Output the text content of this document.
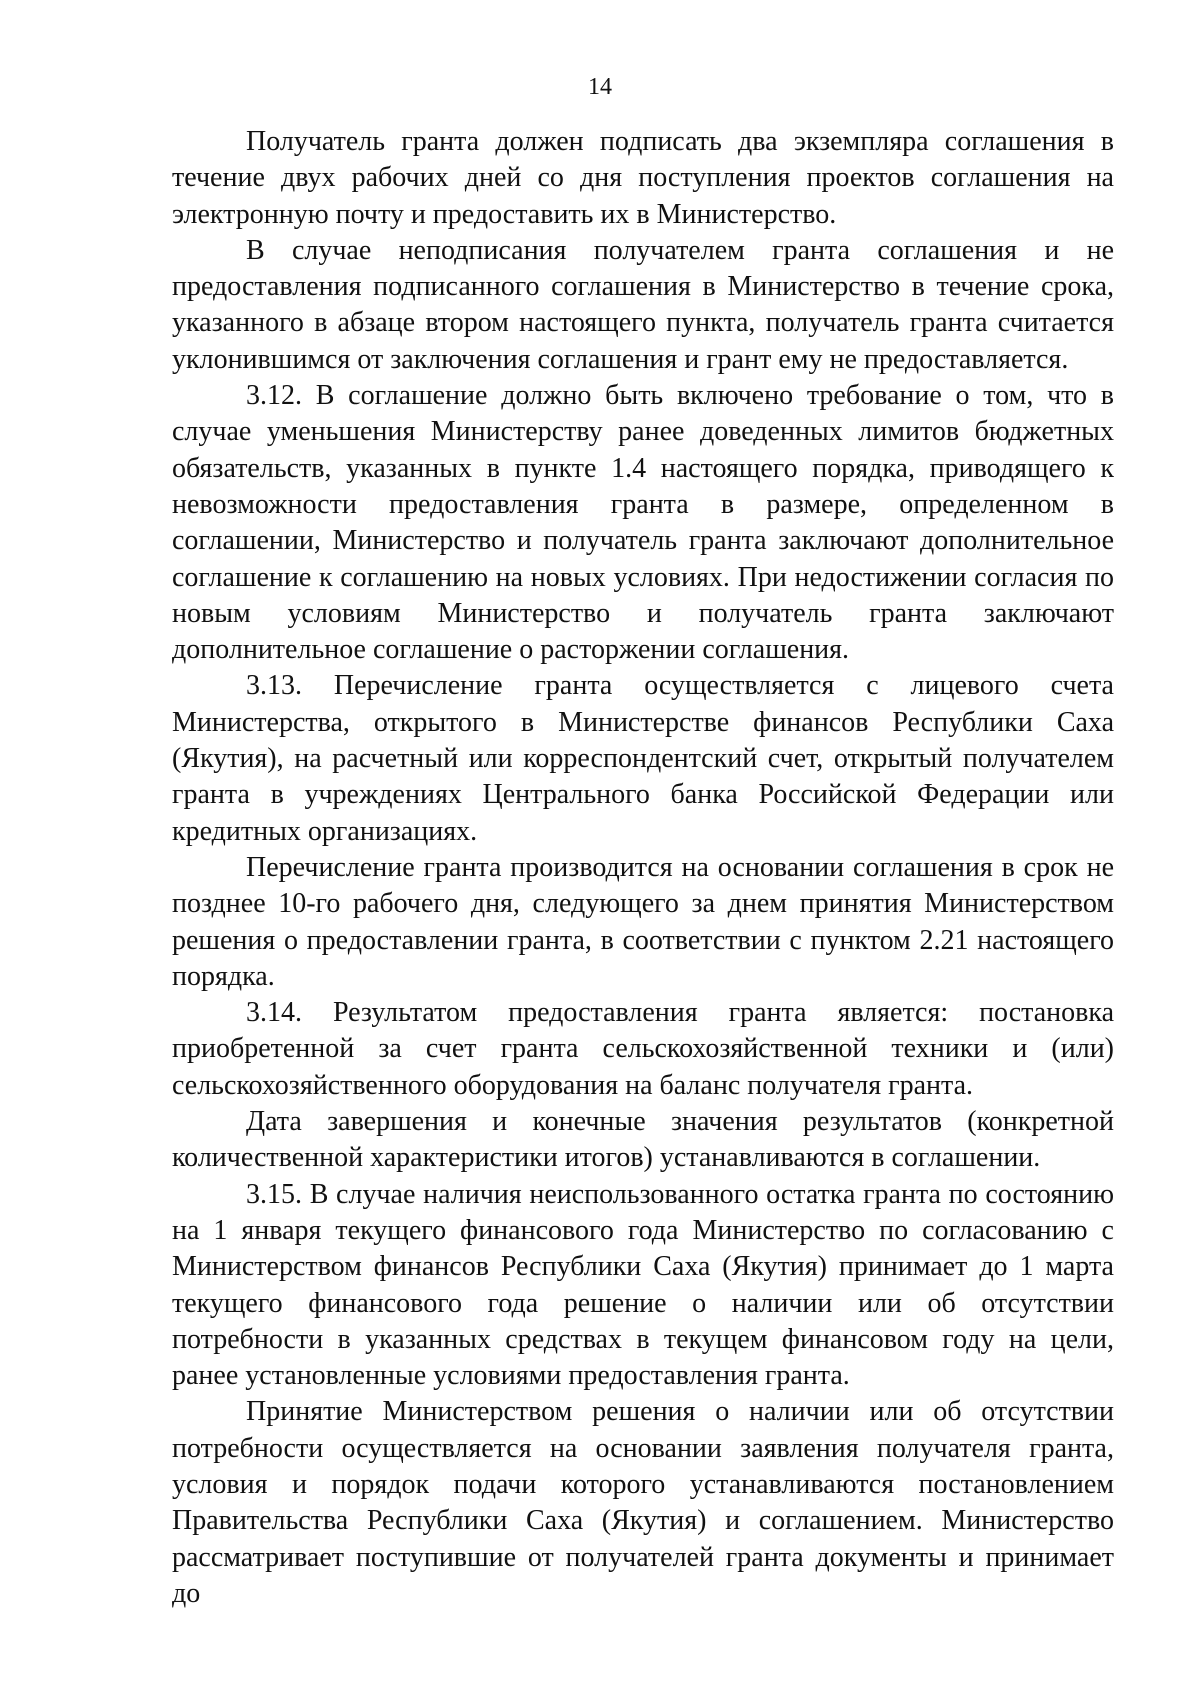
14

Получатель гранта должен подписать два экземпляра соглашения в течение двух рабочих дней со дня поступления проектов соглашения на электронную почту и предоставить их в Министерство.

В случае неподписания получателем гранта соглашения и не предоставления подписанного соглашения в Министерство в течение срока, указанного в абзаце втором настоящего пункта, получатель гранта считается уклонившимся от заключения соглашения и грант ему не предоставляется.

3.12. В соглашение должно быть включено требование о том, что в случае уменьшения Министерству ранее доведенных лимитов бюджетных обязательств, указанных в пункте 1.4 настоящего порядка, приводящего к невозможности предоставления гранта в размере, определенном в соглашении, Министерство и получатель гранта заключают дополнительное соглашение к соглашению на новых условиях. При недостижении согласия по новым условиям Министерство и получатель гранта заключают дополнительное соглашение о расторжении соглашения.

3.13. Перечисление гранта осуществляется с лицевого счета Министерства, открытого в Министерстве финансов Республики Саха (Якутия), на расчетный или корреспондентский счет, открытый получателем гранта в учреждениях Центрального банка Российской Федерации или кредитных организациях.

Перечисление гранта производится на основании соглашения в срок не позднее 10-го рабочего дня, следующего за днем принятия Министерством решения о предоставлении гранта, в соответствии с пунктом 2.21 настоящего порядка.

3.14. Результатом предоставления гранта является: постановка приобретенной за счет гранта сельскохозяйственной техники и (или) сельскохозяйственного оборудования на баланс получателя гранта.

Дата завершения и конечные значения результатов (конкретной количественной характеристики итогов) устанавливаются в соглашении.

3.15. В случае наличия неиспользованного остатка гранта по состоянию на 1 января текущего финансового года Министерство по согласованию с Министерством финансов Республики Саха (Якутия) принимает до 1 марта текущего финансового года решение о наличии или об отсутствии потребности в указанных средствах в текущем финансовом году на цели, ранее установленные условиями предоставления гранта.

Принятие Министерством решения о наличии или об отсутствии потребности осуществляется на основании заявления получателя гранта, условия и порядок подачи которого устанавливаются постановлением Правительства Республики Саха (Якутия) и соглашением. Министерство рассматривает поступившие от получателей гранта документы и принимает до
